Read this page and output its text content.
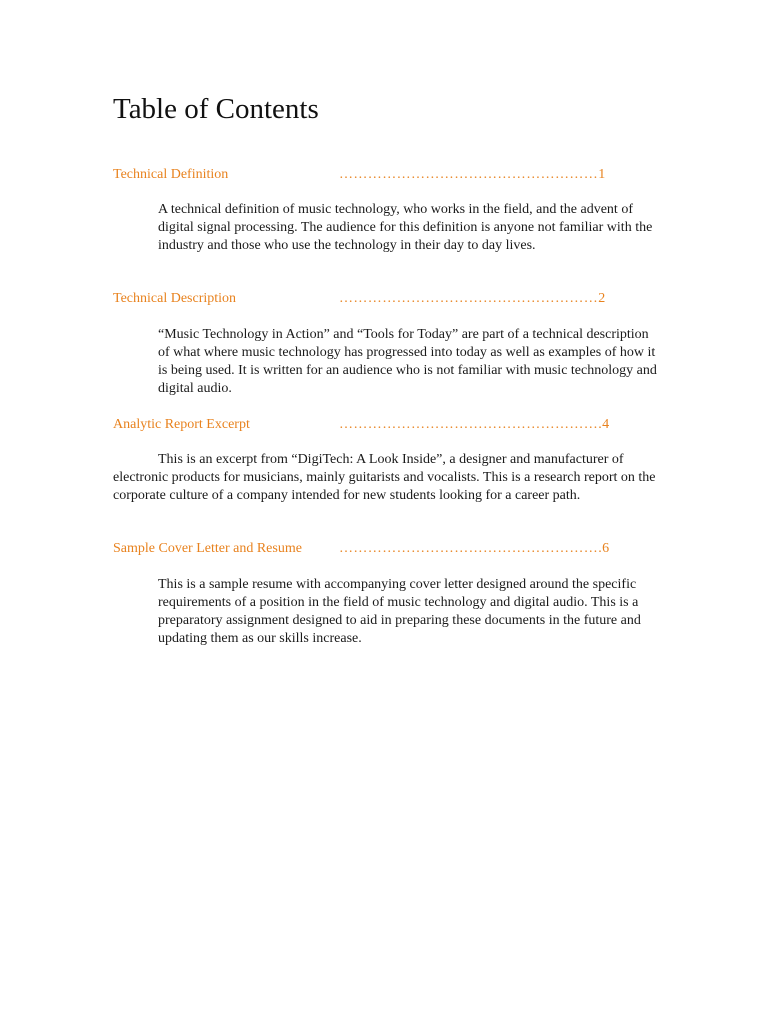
Table of Contents
Technical Definition	………………………………………………1

A technical definition of music technology, who works in the field, and the advent of digital signal processing. The audience for this definition is anyone not familiar with the industry and those who use the technology in their day to day lives.

Technical Description	………………………………………………2

“Music Technology in Action” and “Tools for Today” are part of a technical description of what where music technology has progressed into today as well as examples of how it is being used. It is written for an audience who is not familiar with music technology and digital audio.

Analytic Report Excerpt	……………………………………………….4

This is an excerpt from “DigiTech: A Look Inside”, a designer and manufacturer of electronic products for musicians, mainly guitarists and vocalists. This is a research report on the corporate culture of a company intended for new students looking for a career path.

Sample Cover Letter and Resume	……………………………………………….6

This is a sample resume with accompanying cover letter designed around the specific requirements of a position in the field of music technology and digital audio. This is a preparatory assignment designed to aid in preparing these documents in the future and updating them as our skills increase.
